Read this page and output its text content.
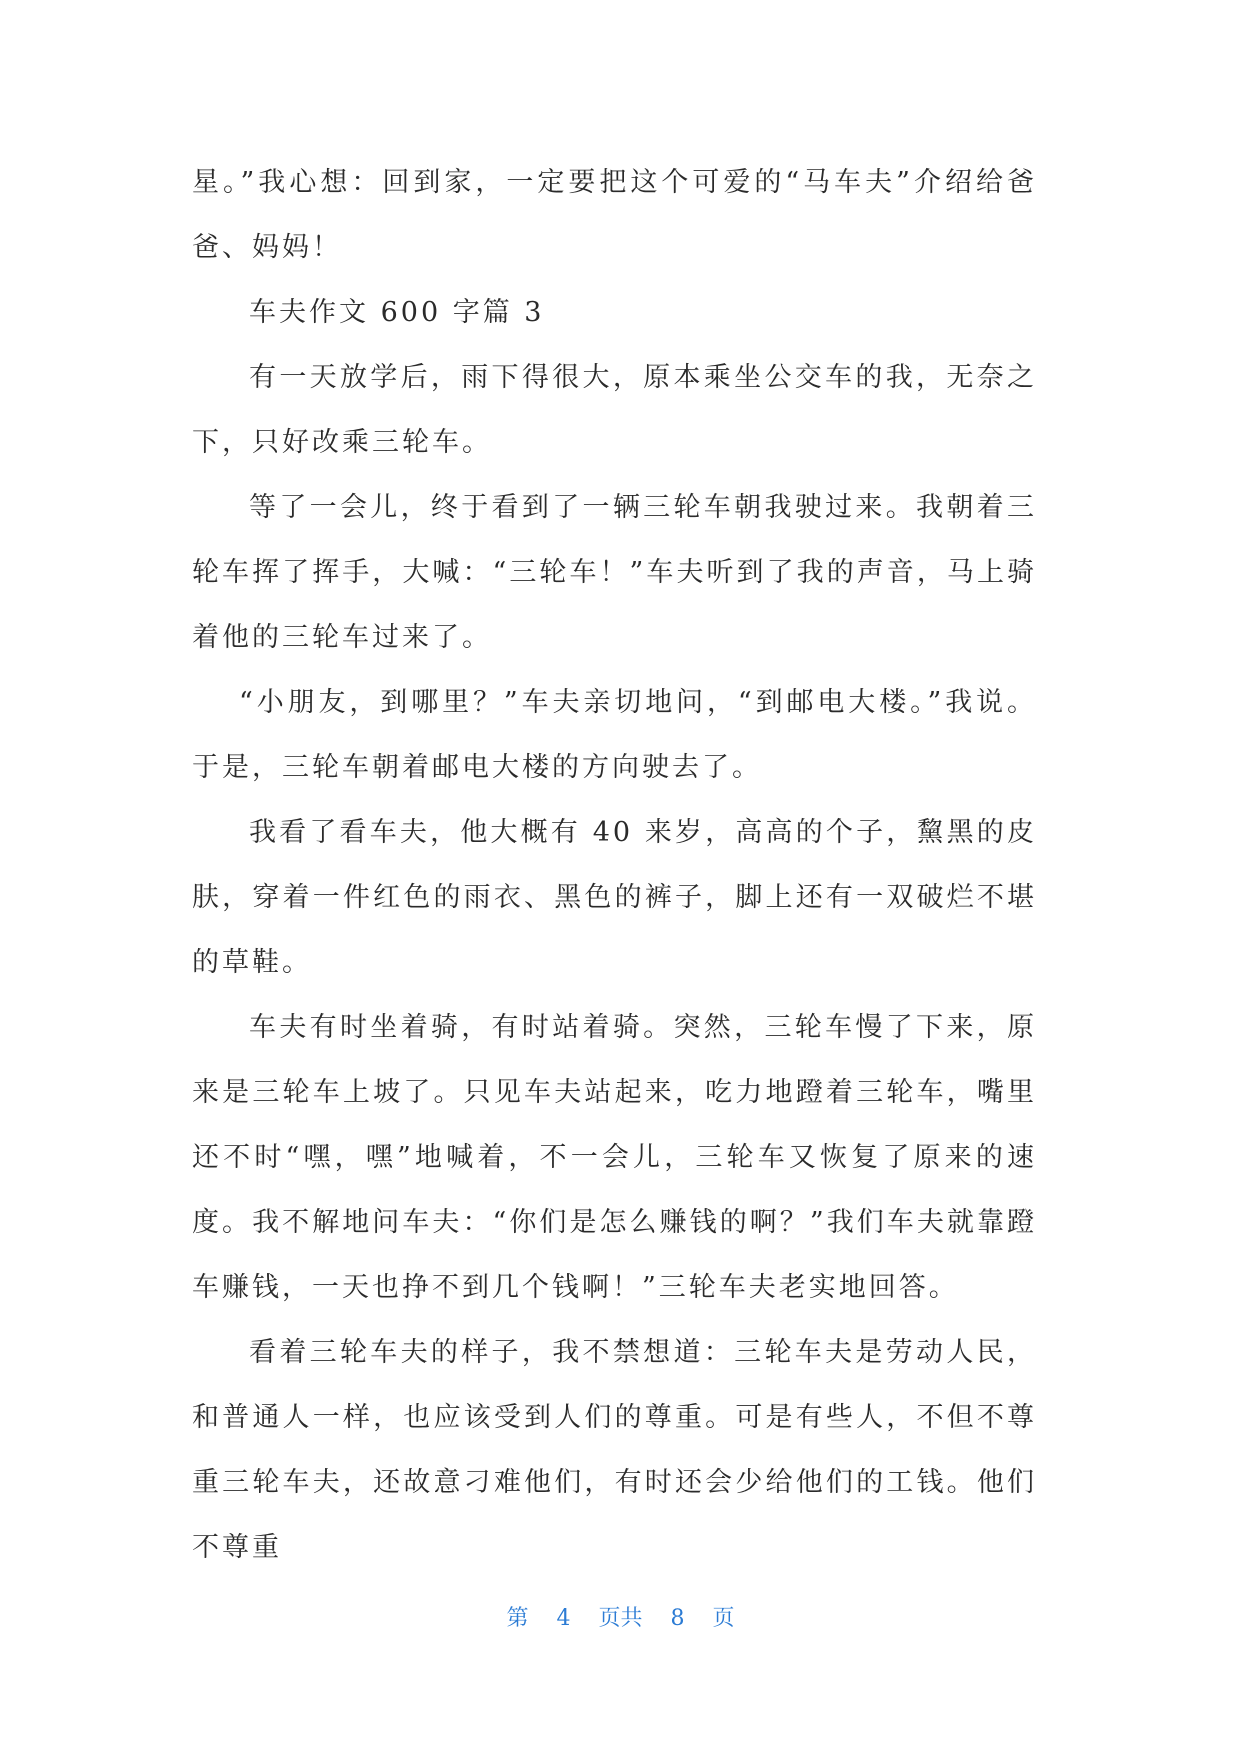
星。”我心想：回到家，一定要把这个可爱的“马车夫”介绍给爸爸、妈妈！

车夫作文 600 字篇 3

有一天放学后，雨下得很大，原本乘坐公交车的我，无奈之下，只好改乘三轮车。

等了一会儿，终于看到了一辆三轮车朝我驶过来。我朝着三轮车挥了挥手，大喊：“三轮车！”车夫听到了我的声音，马上骑着他的三轮车过来了。

“小朋友，到哪里？”车夫亲切地问，“到邮电大楼。”我说。于是，三轮车朝着邮电大楼的方向驶去了。

我看了看车夫，他大概有 40 来岁，高高的个子，黧黑的皮肤，穿着一件红色的雨衣、黑色的裤子，脚上还有一双破烂不堪的草鞋。

车夫有时坐着骑，有时站着骑。突然，三轮车慢了下来，原来是三轮车上坡了。只见车夫站起来，吃力地蹬着三轮车，嘴里还不时“嘿，嘿”地喊着，不一会儿，三轮车又恢复了原来的速度。我不解地问车夫：“你们是怎么赚钱的啊？”我们车夫就靠蹬车赚钱，一天也挣不到几个钱啊！”三轮车夫老实地回答。

看着三轮车夫的样子，我不禁想道：三轮车夫是劳动人民，和普通人一样，也应该受到人们的尊重。可是有些人，不但不尊重三轮车夫，还故意刁难他们，有时还会少给他们的工钱。他们不尊重

第 4 页共 8 页
